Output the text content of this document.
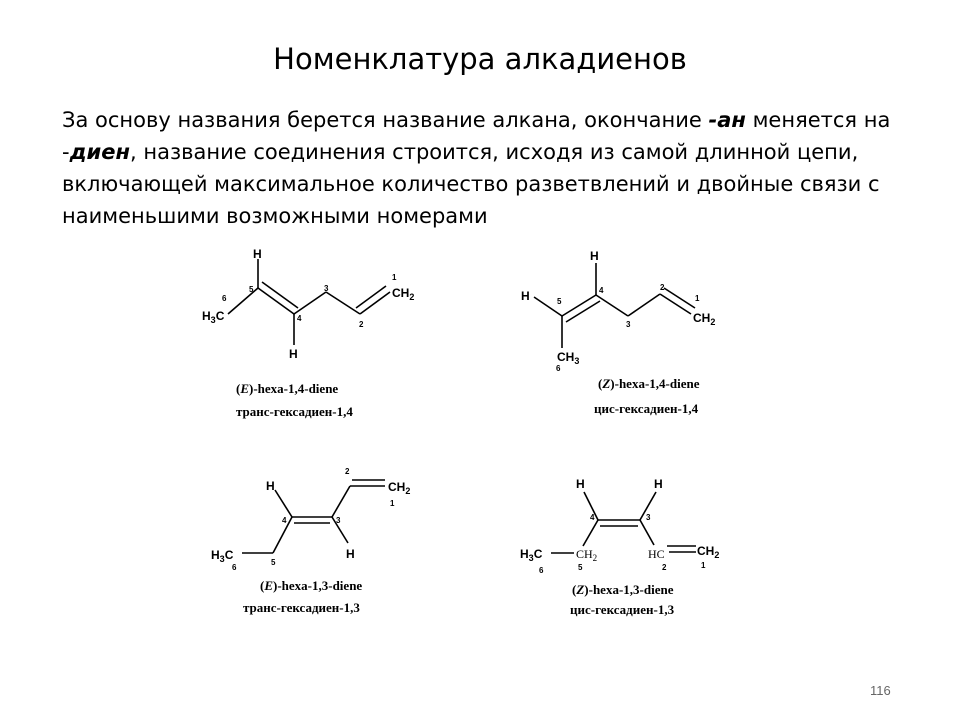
Номенклатура алкадиенов
За основу названия берется название алкана, окончание -ан меняется на -диен, название соединения строится, исходя из самой длинной цепи, включающей максимальное количество разветвлений и двойные связи с наименьшими возможными номерами
H
$H_3C$
H
$CH_2$
6
5
4
3
2
1
(E)-hexa-1,4-diene
транс-гексадиен-1,4
H
H
$CH_3$
$CH_2$
5
4
3
2
1
6
(Z)-hexa-1,4-diene
цис-гексадиен-1,4
H
H
$H_3C$
$CH_2$
6
5
4	3
2
1
(E)-hexa-1,3-diene
транс-гексадиен-1,3
H	H
$H_3C$	$CH_2$	HC	$CH_2$
6	5
4	3
2	1
(Z)-hexa-1,3-diene
цис-гексадиен-1,3
116
